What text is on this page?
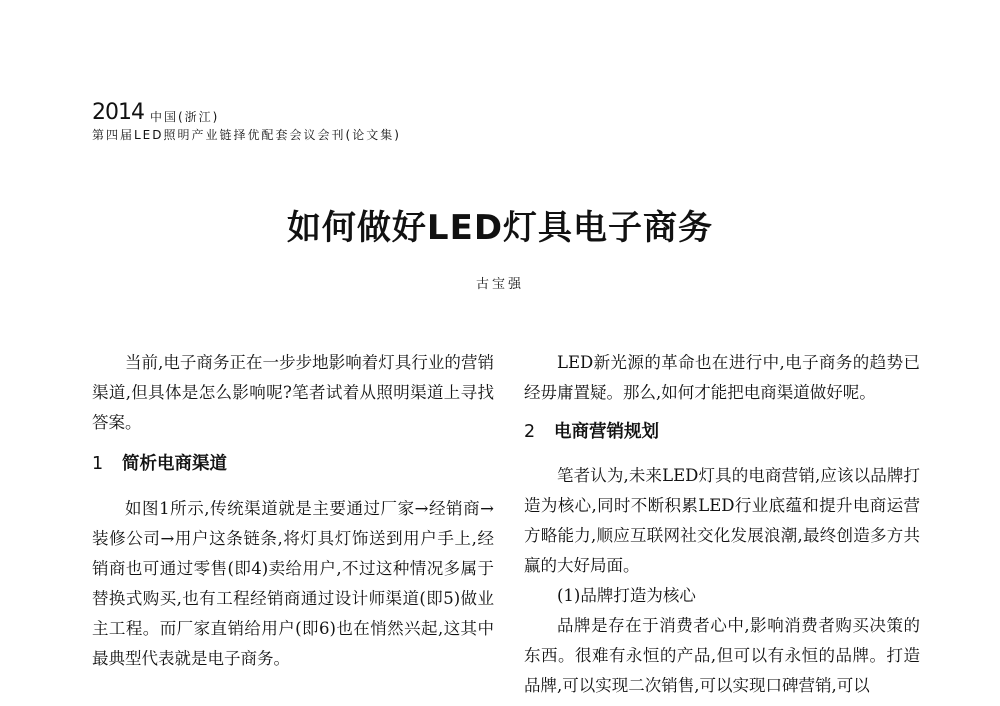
2014 中国(浙江)
第四届LED照明产业链择优配套会议会刊(论文集)
如何做好LED灯具电子商务
古宝强

当前,电子商务正在一步步地影响着灯具行业的营销渠道,但具体是怎么影响呢?笔者试着从照明渠道上寻找答案。

1 简析电商渠道

如图1所示,传统渠道就是主要通过厂家→经销商→装修公司→用户这条链条,将灯具灯饰送到用户手上,经销商也可通过零售(即4)卖给用户,不过这种情况多属于替换式购买,也有工程经销商通过设计师渠道(即5)做业主工程。而厂家直销给用户(即6)也在悄然兴起,这其中最典型代表就是电子商务。

LED新光源的革命也在进行中,电子商务的趋势已经毋庸置疑。那么,如何才能把电商渠道做好呢。

2 电商营销规划

笔者认为,未来LED灯具的电商营销,应该以品牌打造为核心,同时不断积累LED行业底蕴和提升电商运营方略能力,顺应互联网社交化发展浪潮,最终创造多方共赢的大好局面。

(1)品牌打造为核心

品牌是存在于消费者心中,影响消费者购买决策的东西。很难有永恒的产品,但可以有永恒的品牌。打造品牌,可以实现二次销售,可以实现口碑营销,可以
